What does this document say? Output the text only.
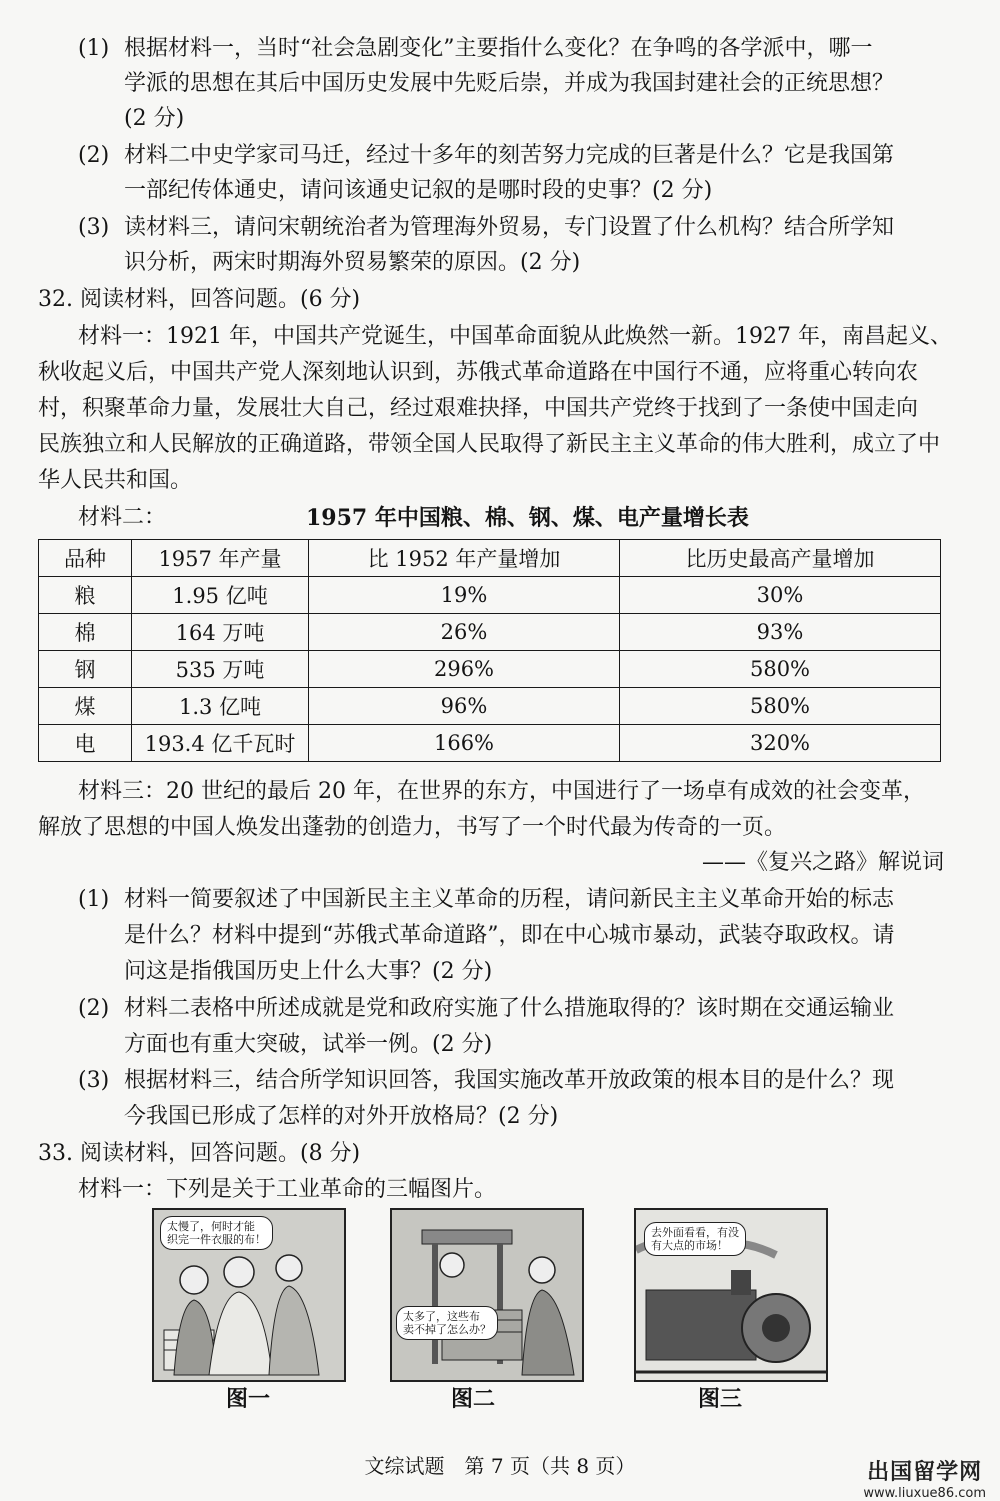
(1) 根据材料一，当时“社会急剧变化”主要指什么变化？在争鸣的各学派中，哪一
学派的思想在其后中国历史发展中先贬后崇，并成为我国封建社会的正统思想？
(2 分)
(2) 材料二中史学家司马迁，经过十多年的刻苦努力完成的巨著是什么？它是我国第
一部纪传体通史，请问该通史记叙的是哪时段的史事？(2 分)
(3) 读材料三，请问宋朝统治者为管理海外贸易，专门设置了什么机构？结合所学知
识分析，两宋时期海外贸易繁荣的原因。(2 分)
32. 阅读材料，回答问题。(6 分)
材料一：1921 年，中国共产党诞生，中国革命面貌从此焕然一新。1927 年，南昌起义、
秋收起义后，中国共产党人深刻地认识到，苏俄式革命道路在中国行不通，应将重心转向农
村，积聚革命力量，发展壮大自己，经过艰难抉择，中国共产党终于找到了一条使中国走向
民族独立和人民解放的正确道路，带领全国人民取得了新民主主义革命的伟大胜利，成立了中
华人民共和国。
材料二：	1957 年中国粮、棉、钢、煤、电产量增长表
品种	1957 年产量	比 1952 年产量增加	比历史最高产量增加
粮	1.95 亿吨	19%	30%
棉	164 万吨	26%	93%
钢	535 万吨	296%	580%
煤	1.3 亿吨	96%	580%
电	193.4 亿千瓦时	166%	320%
材料三：20 世纪的最后 20 年，在世界的东方，中国进行了一场卓有成效的社会变革，
解放了思想的中国人焕发出蓬勃的创造力，书写了一个时代最为传奇的一页。
——《复兴之路》解说词
(1) 材料一简要叙述了中国新民主主义革命的历程，请问新民主主义革命开始的标志
是什么？材料中提到“苏俄式革命道路”，即在中心城市暴动，武装夺取政权。请
问这是指俄国历史上什么大事？(2 分)
(2) 材料二表格中所述成就是党和政府实施了什么措施取得的？该时期在交通运输业
方面也有重大突破，试举一例。(2 分)
(3) 根据材料三，结合所学知识回答，我国实施改革开放政策的根本目的是什么？现
今我国已形成了怎样的对外开放格局？(2 分)
33. 阅读材料，回答问题。(8 分)
材料一：下列是关于工业革命的三幅图片。
太慢了，何时才能
织完一件衣服的布！
图一
太多了，这些布
卖不掉了怎么办？
图二
去外面看看，有没
有大点的市场！
图三
文综试题　第 7 页（共 8 页）	出国留学网
www.liuxue86.com
